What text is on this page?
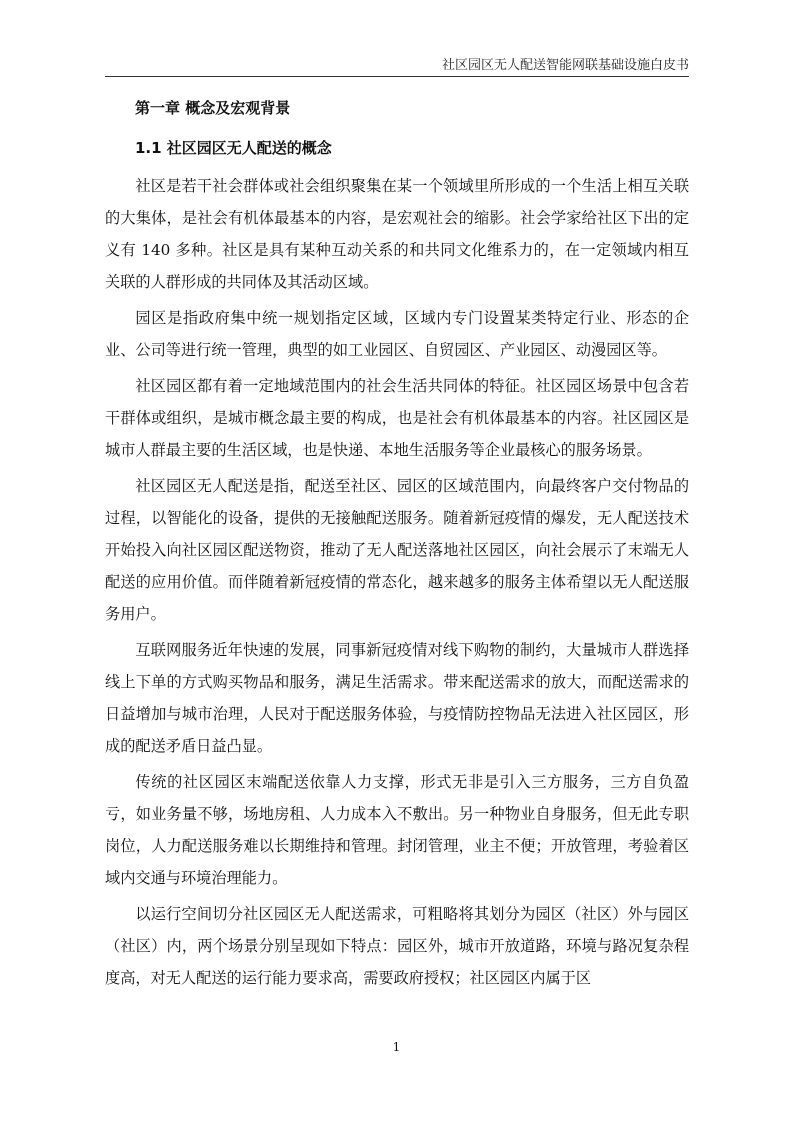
社区园区无人配送智能网联基础设施白皮书
第一章 概念及宏观背景
1.1 社区园区无人配送的概念

社区是若干社会群体或社会组织聚集在某一个领域里所形成的一个生活上相互关联的大集体，是社会有机体最基本的内容，是宏观社会的缩影。社会学家给社区下出的定义有 140 多种。社区是具有某种互动关系的和共同文化维系力的，在一定领域内相互关联的人群形成的共同体及其活动区域。

园区是指政府集中统一规划指定区域，区域内专门设置某类特定行业、形态的企业、公司等进行统一管理，典型的如工业园区、自贸园区、产业园区、动漫园区等。

社区园区都有着一定地域范围内的社会生活共同体的特征。社区园区场景中包含若干群体或组织，是城市概念最主要的构成，也是社会有机体最基本的内容。社区园区是城市人群最主要的生活区域，也是快递、本地生活服务等企业最核心的服务场景。

社区园区无人配送是指，配送至社区、园区的区域范围内，向最终客户交付物品的过程，以智能化的设备，提供的无接触配送服务。随着新冠疫情的爆发，无人配送技术开始投入向社区园区配送物资，推动了无人配送落地社区园区，向社会展示了末端无人配送的应用价值。而伴随着新冠疫情的常态化，越来越多的服务主体希望以无人配送服务用户。

互联网服务近年快速的发展，同事新冠疫情对线下购物的制约，大量城市人群选择线上下单的方式购买物品和服务，满足生活需求。带来配送需求的放大，而配送需求的日益增加与城市治理，人民对于配送服务体验，与疫情防控物品无法进入社区园区，形成的配送矛盾日益凸显。

传统的社区园区末端配送依靠人力支撑，形式无非是引入三方服务，三方自负盈亏，如业务量不够，场地房租、人力成本入不敷出。另一种物业自身服务，但无此专职岗位，人力配送服务难以长期维持和管理。封闭管理，业主不便；开放管理，考验着区域内交通与环境治理能力。

以运行空间切分社区园区无人配送需求，可粗略将其划分为园区（社区）外与园区（社区）内，两个场景分别呈现如下特点：园区外，城市开放道路，环境与路况复杂程度高，对无人配送的运行能力要求高，需要政府授权；社区园区内属于区

1
